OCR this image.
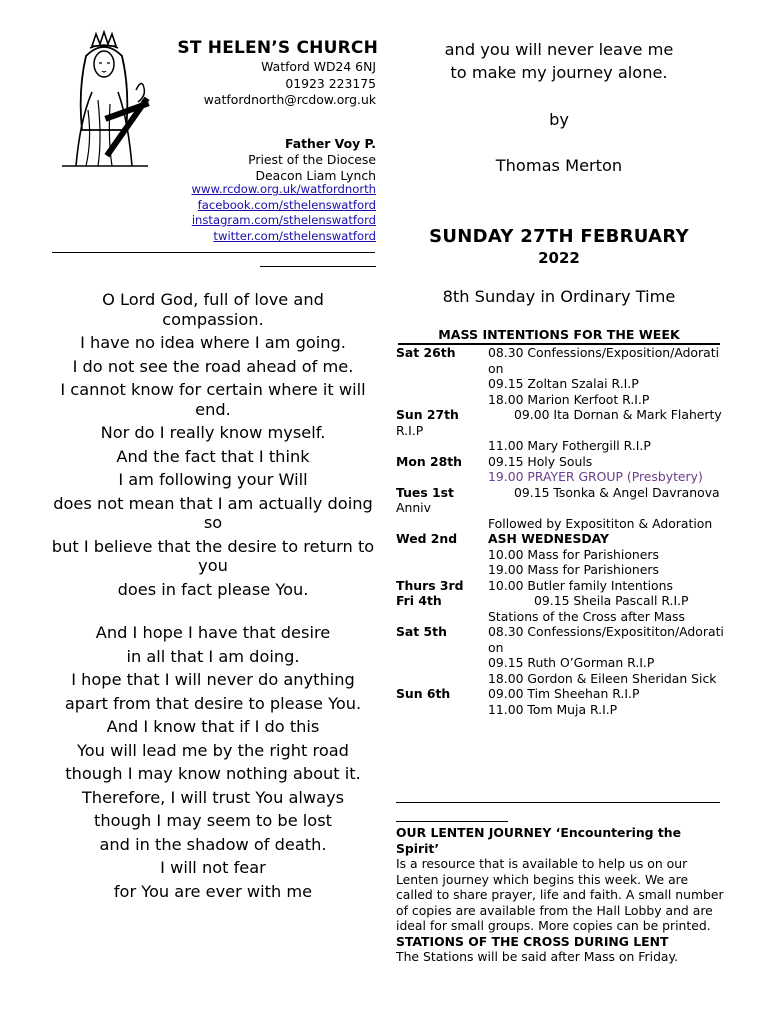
ST HELEN’S CHURCH
Watford WD24 6NJ
01923 223175
watfordnorth@rcdow.org.uk
Father Voy P.
Priest of the Diocese
Deacon Liam Lynch
www.rcdow.org.uk/watfordnorth
facebook.com/sthelenswatford
instagram.com/sthelenswatford
twitter.com/sthelenswatford

O Lord God, full of love and compassion.

I have no idea where I am going.

I do not see the road ahead of me.

I cannot know for certain where it will end.

Nor do I really know myself.

And the fact that I think

I am following your Will

does not mean that I am actually doing so

but I believe that the desire to return to you

does in fact please You.

And I hope I have that desire

in all that I am doing.

I hope that I will never do anything

apart from that desire to please You.

And I know that if I do this

You will lead me by the right road

though I may know nothing about it.

Therefore, I will trust You always

though I may seem to be lost

and in the shadow of death.

I will not fear

for You are ever with me

and you will never leave me

to make my journey alone.

by

Thomas Merton

SUNDAY 27TH FEBRUARY
2022
8th Sunday in Ordinary Time
MASS INTENTIONS FOR THE WEEK
Sat 26th	08.30 Confessions/Exposition/Adoration
09.15 Zoltan Szalai R.I.P
18.00 Marion Kerfoot R.I.P
Sun 27th	09.00 Ita Dornan & Mark Flaherty R.I.P
11.00 Mary Fothergill R.I.P
Mon 28th	09.15 Holy Souls
19.00 PRAYER GROUP (Presbytery)
Tues 1st	09.15 Tsonka & Angel Davranova Anniv
Followed by Exposititon & Adoration
Wed 2nd	ASH WEDNESDAY
10.00 Mass for Parishioners
19.00 Mass for Parishioners
Thurs 3rd	10.00 Butler family Intentions
Fri 4th	09.15 Sheila Pascall R.I.P
Stations of the Cross after Mass
Sat 5th	08.30 Confessions/Exposititon/Adoration
09.15 Ruth O’Gorman R.I.P
18.00 Gordon & Eileen Sheridan Sick
Sun 6th	09.00 Tim Sheehan R.I.P
11.00 Tom Muja R.I.P
OUR LENTEN JOURNEY ‘Encountering the Spirit’
Is a resource that is available to help us on our Lenten journey which begins this week. We are called to share prayer, life and faith. A small number of copies are available from the Hall Lobby and are ideal for small groups. More copies can be printed.
STATIONS OF THE CROSS DURING LENT
The Stations will be said after Mass on Friday.
